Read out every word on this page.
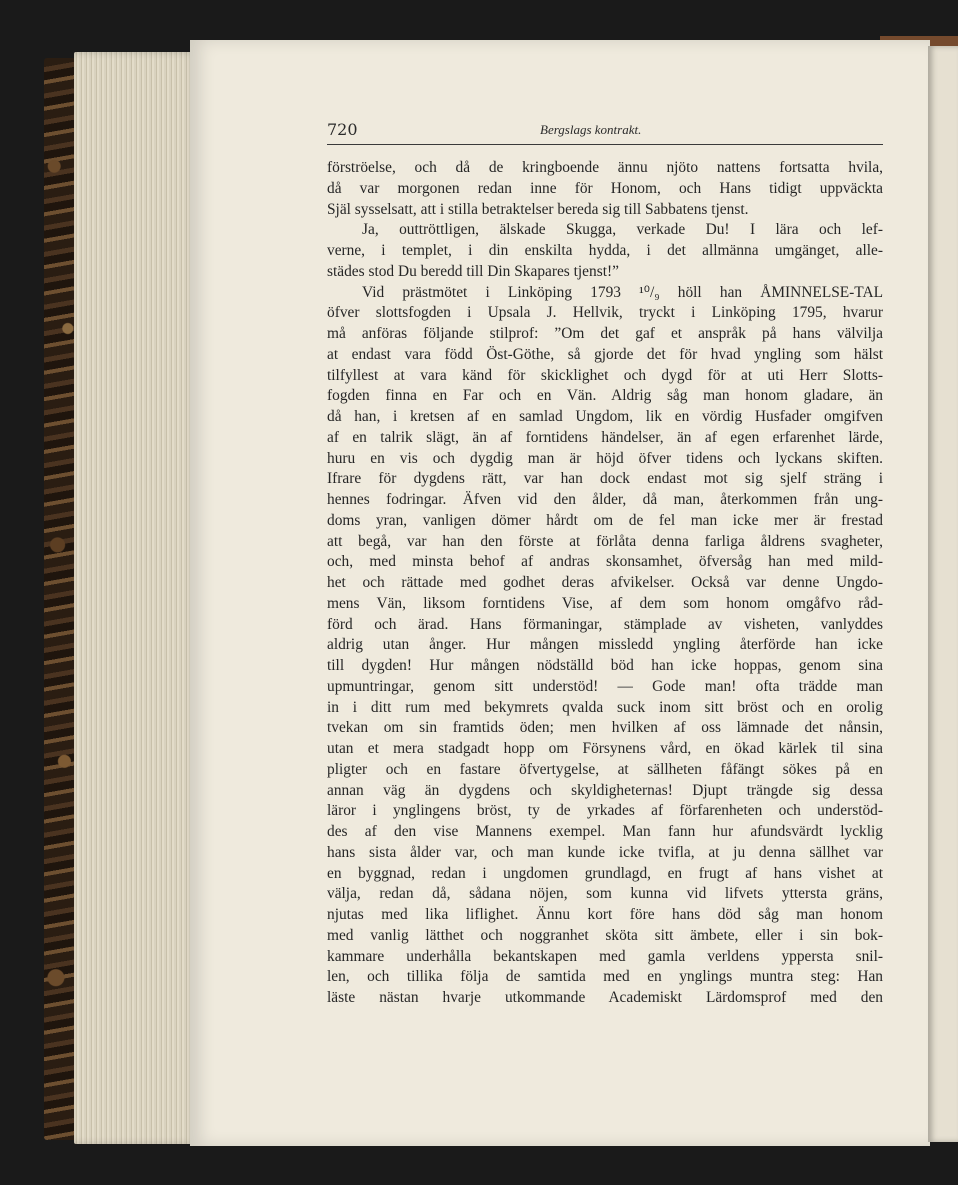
720	Bergslags kontrakt.
förströelse, och då de kringboende ännu njöto nattens fortsatta hvila,
då var morgonen redan inne för Honom, och Hans tidigt uppväckta
Själ sysselsatt, att i stilla betraktelser bereda sig till Sabbatens tjenst.
Ja, outtröttligen, älskade Skugga, verkade Du! I lära och lef-
verne, i templet, i din enskilta hydda, i det allmänna umgänget, alle-
städes stod Du beredd till Din Skapares tjenst!”
Vid prästmötet i Linköping 1793 ¹⁰/₉ höll han ÅMINNELSE-TAL
öfver slottsfogden i Upsala J. Hellvik, tryckt i Linköping 1795, hvarur
må anföras följande stilprof: ”Om det gaf et anspråk på hans välvilja
at endast vara född Öst-Göthe, så gjorde det för hvad yngling som hälst
tilfyllest at vara känd för skicklighet och dygd för at uti Herr Slotts-
fogden finna en Far och en Vän. Aldrig såg man honom gladare, än
då han, i kretsen af en samlad Ungdom, lik en vördig Husfader omgifven
af en talrik slägt, än af forntidens händelser, än af egen erfarenhet lärde,
huru en vis och dygdig man är höjd öfver tidens och lyckans skiften.
Ifrare för dygdens rätt, var han dock endast mot sig sjelf sträng i
hennes fodringar. Äfven vid den ålder, då man, återkommen från ung-
doms yran, vanligen dömer hårdt om de fel man icke mer är frestad
att begå, var han den förste at förlåta denna farliga åldrens svagheter,
och, med minsta behof af andras skonsamhet, öfversåg han med mild-
het och rättade med godhet deras afvikelser. Också var denne Ungdo-
mens Vän, liksom forntidens Vise, af dem som honom omgåfvo råd-
förd och ärad. Hans förmaningar, stämplade av visheten, vanlyddes
aldrig utan ånger. Hur mången missledd yngling återförde han icke
till dygden! Hur mången nödställd böd han icke hoppas, genom sina
upmuntringar, genom sitt understöd! — Gode man! ofta trädde man
in i ditt rum med bekymrets qvalda suck inom sitt bröst och en orolig
tvekan om sin framtids öden; men hvilken af oss lämnade det nånsin,
utan et mera stadgadt hopp om Försynens vård, en ökad kärlek til sina
pligter och en fastare öfvertygelse, at sällheten fåfängt sökes på en
annan väg än dygdens och skyldigheternas! Djupt trängde sig dessa
läror i ynglingens bröst, ty de yrkades af förfarenheten och understöd-
des af den vise Mannens exempel. Man fann hur afundsvärdt lycklig
hans sista ålder var, och man kunde icke tvifla, at ju denna sällhet var
en byggnad, redan i ungdomen grundlagd, en frugt af hans vishet at
välja, redan då, sådana nöjen, som kunna vid lifvets yttersta gräns,
njutas med lika liflighet. Ännu kort före hans död såg man honom
med vanlig lätthet och noggranhet sköta sitt ämbete, eller i sin bok-
kammare underhålla bekantskapen med gamla verldens yppersta snil-
len, och tillika följa de samtida med en ynglings muntra steg: Han
läste nästan hvarje utkommande Academiskt Lärdomsprof med den
